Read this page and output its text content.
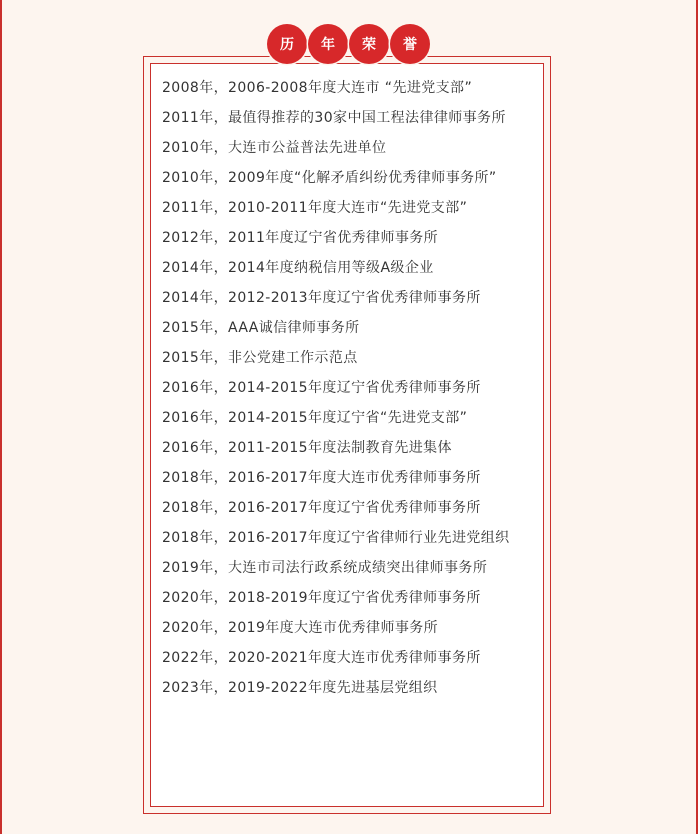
历	年	荣	誉
2008年，2006-2008年度大连市 “先进党支部”
2011年，最值得推荐的30家中国工程法律律师事务所
2010年，大连市公益普法先进单位
2010年，2009年度“化解矛盾纠纷优秀律师事务所”
2011年，2010-2011年度大连市“先进党支部”
2012年，2011年度辽宁省优秀律师事务所
2014年，2014年度纳税信用等级A级企业
2014年，2012-2013年度辽宁省优秀律师事务所
2015年，AAA诚信律师事务所
2015年，非公党建工作示范点
2016年，2014-2015年度辽宁省优秀律师事务所
2016年，2014-2015年度辽宁省“先进党支部”
2016年，2011-2015年度法制教育先进集体
2018年，2016-2017年度大连市优秀律师事务所
2018年，2016-2017年度辽宁省优秀律师事务所
2018年，2016-2017年度辽宁省律师行业先进党组织
2019年，大连市司法行政系统成绩突出律师事务所
2020年，2018-2019年度辽宁省优秀律师事务所
2020年，2019年度大连市优秀律师事务所
2022年，2020-2021年度大连市优秀律师事务所
2023年，2019-2022年度先进基层党组织
